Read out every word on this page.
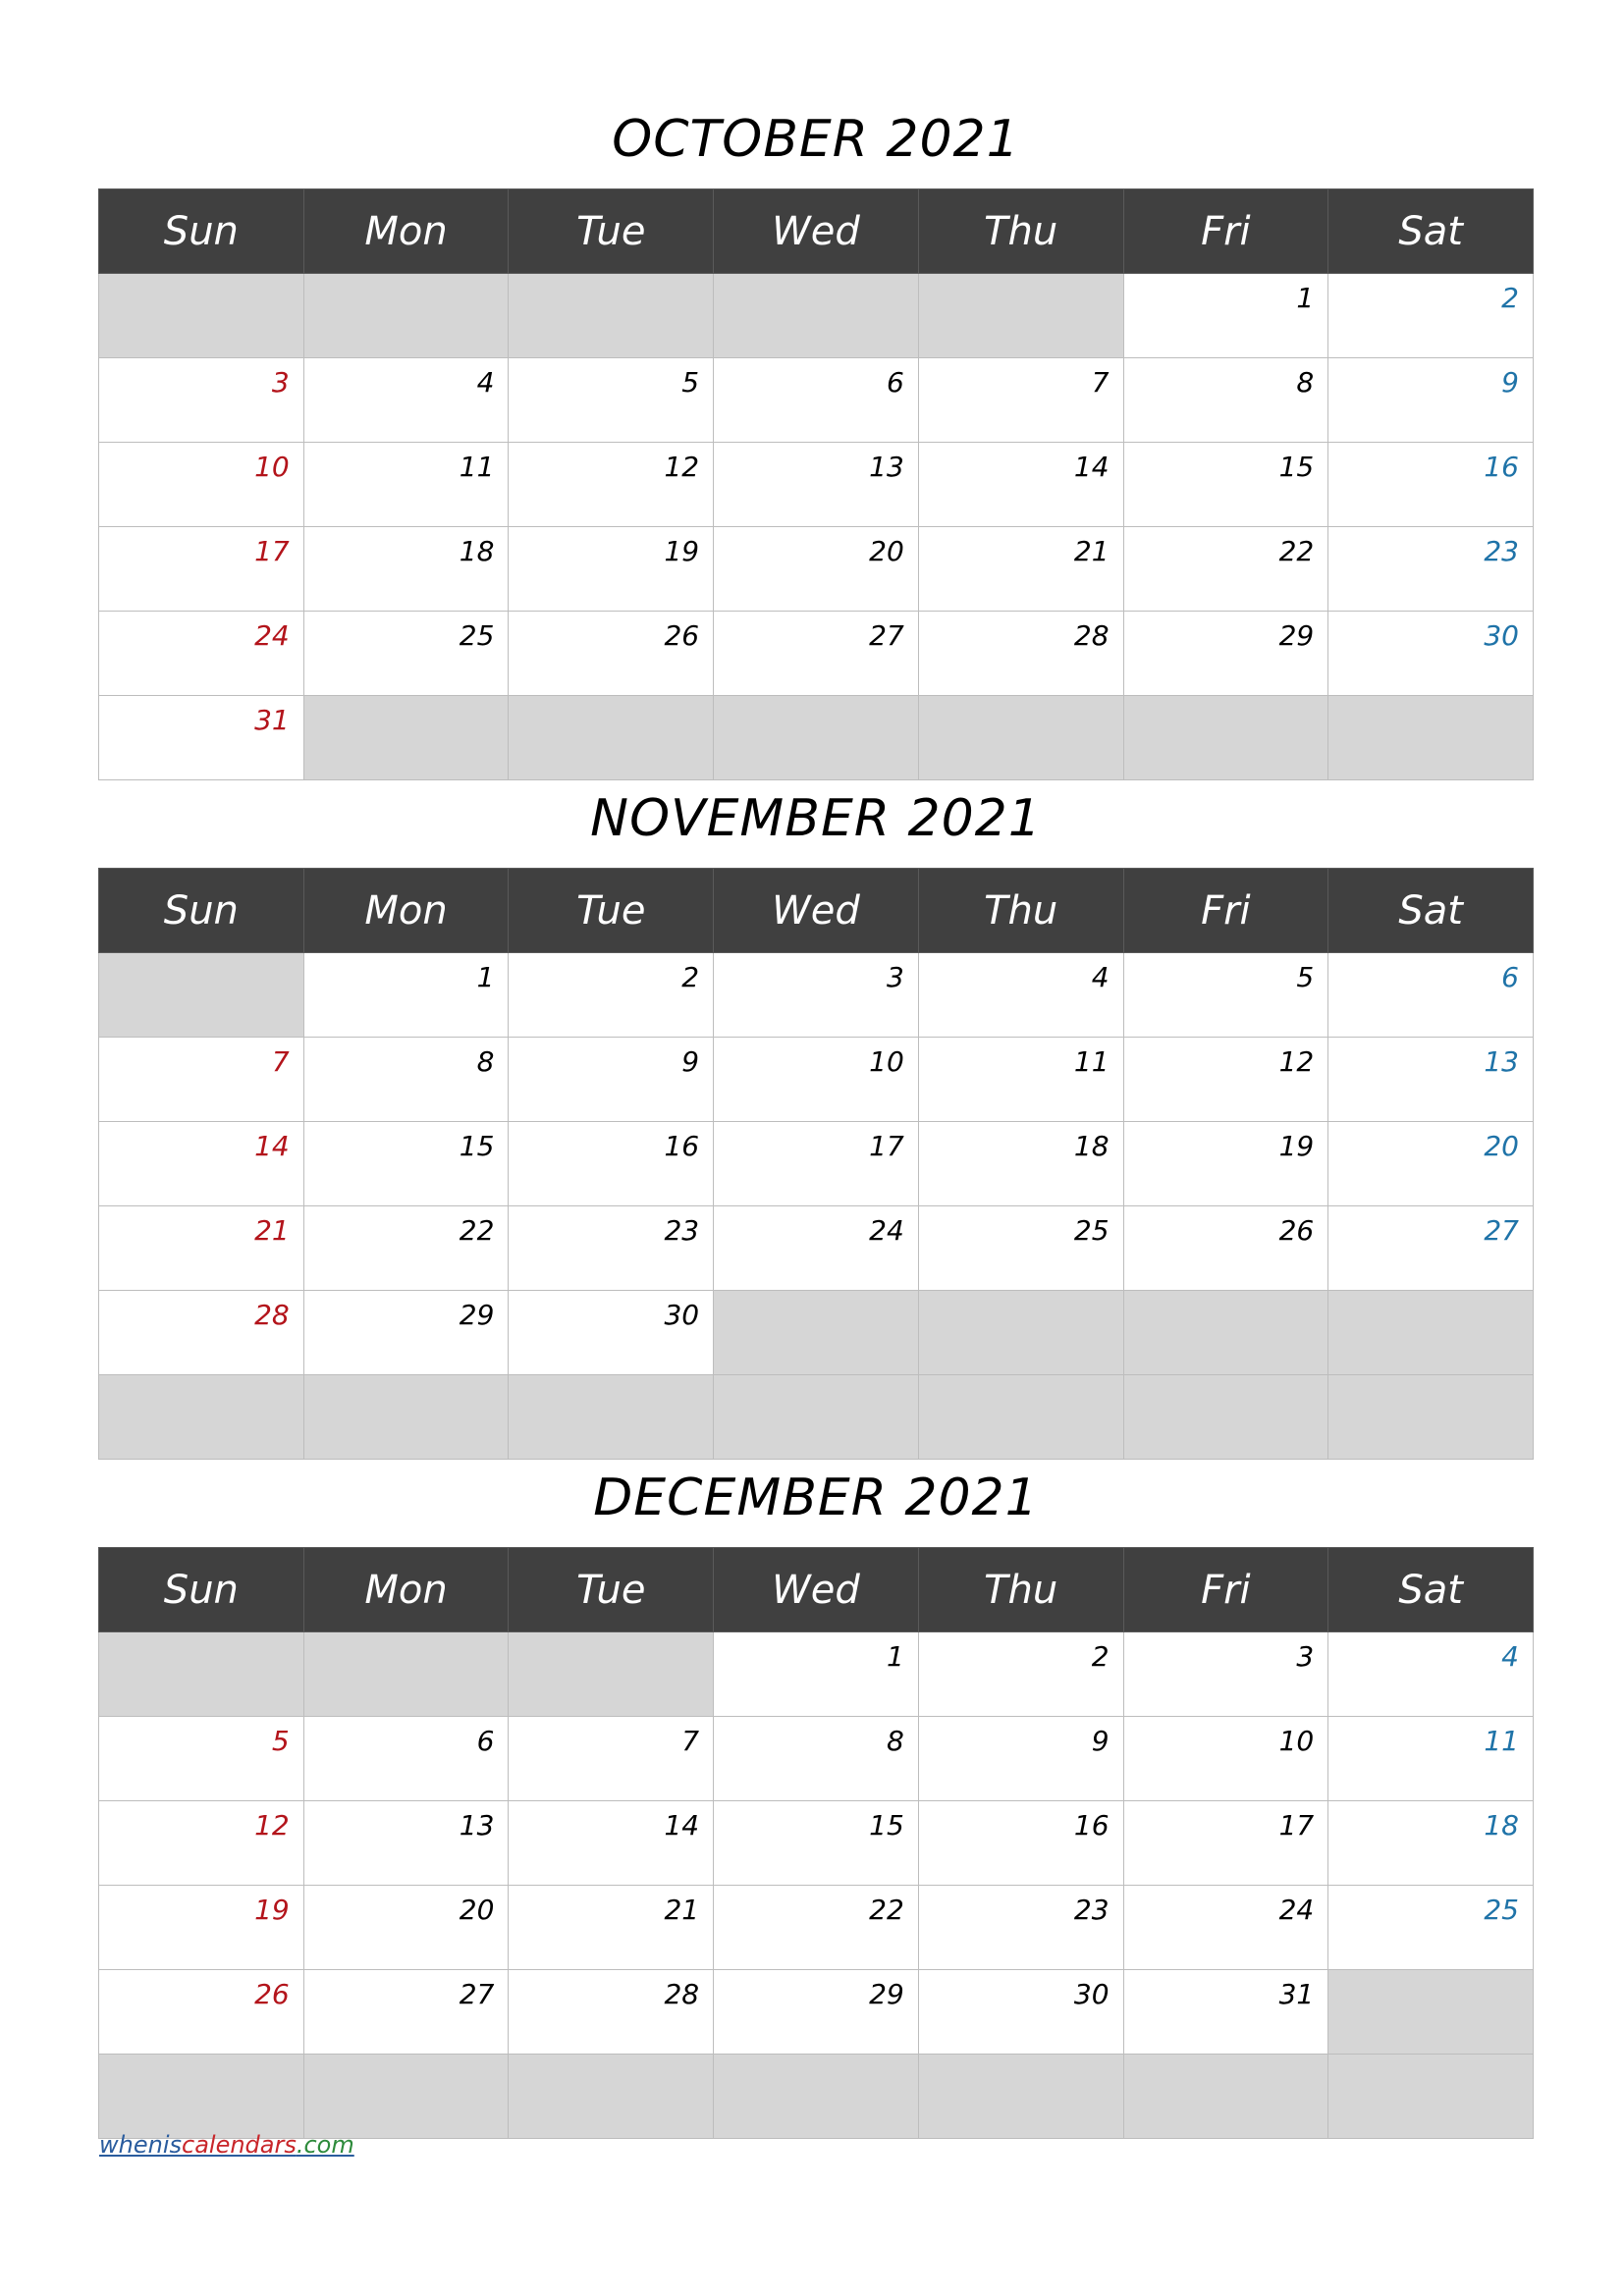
OCTOBER 2021
Sun	Mon	Tue	Wed	Thu	Fri	Sat
					1	2
3	4	5	6	7	8	9
10	11	12	13	14	15	16
17	18	19	20	21	22	23
24	25	26	27	28	29	30
31						
NOVEMBER 2021
Sun	Mon	Tue	Wed	Thu	Fri	Sat
	1	2	3	4	5	6
7	8	9	10	11	12	13
14	15	16	17	18	19	20
21	22	23	24	25	26	27
28	29	30				

DECEMBER 2021
Sun	Mon	Tue	Wed	Thu	Fri	Sat
			1	2	3	4
5	6	7	8	9	10	11
12	13	14	15	16	17	18
19	20	21	22	23	24	25
26	27	28	29	30	31	

wheniscalendars.com
